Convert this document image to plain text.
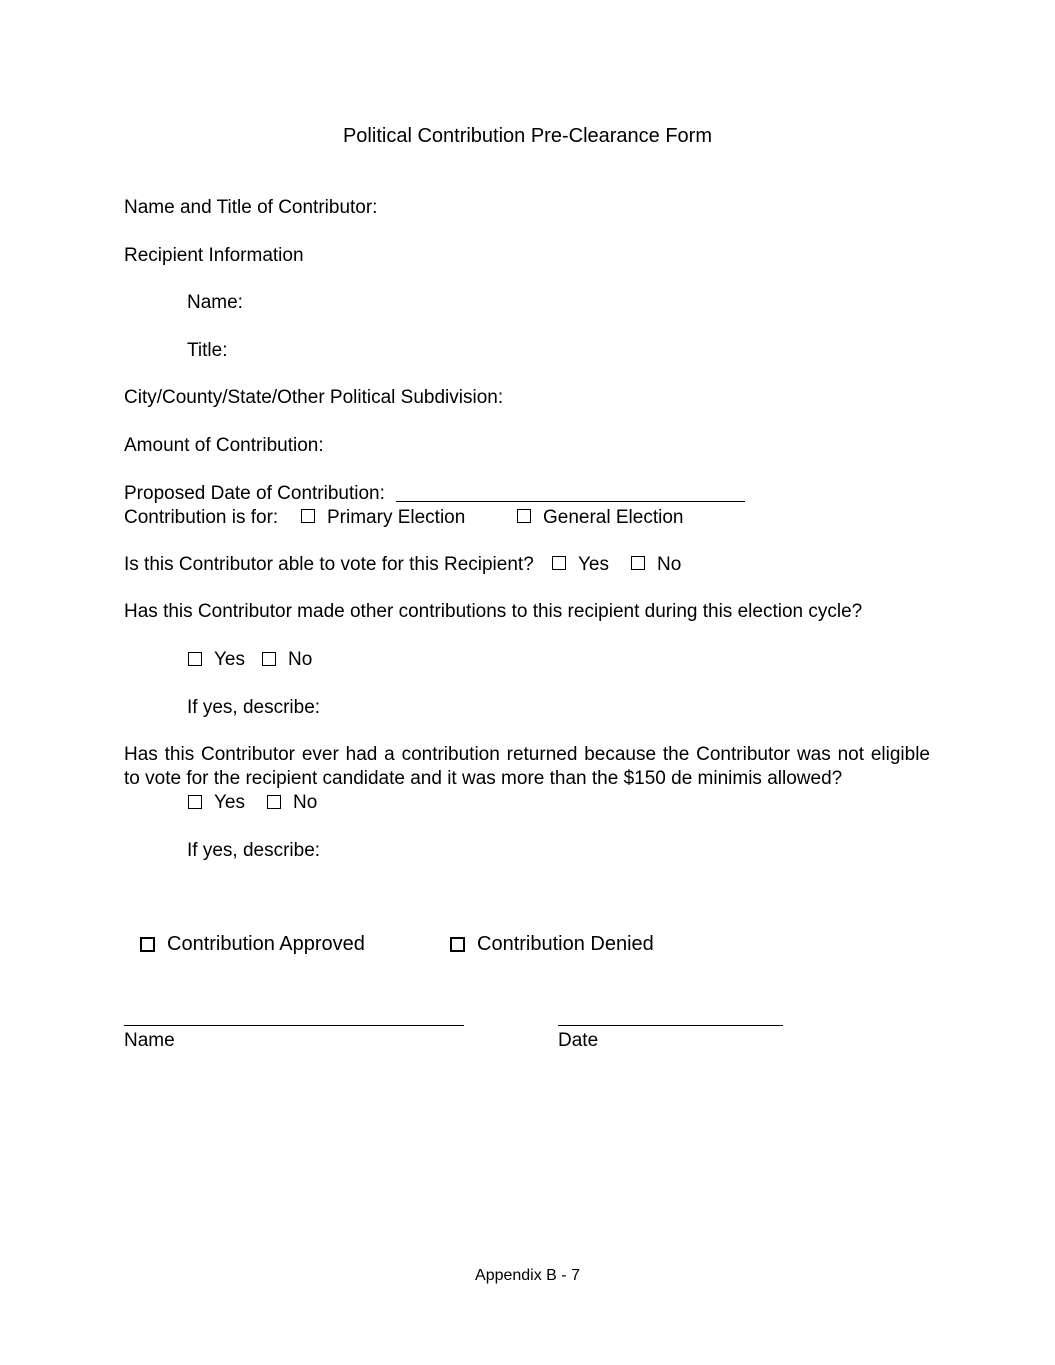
Political Contribution Pre-Clearance Form
Name and Title of Contributor:
Recipient Information
Name:
Title:
City/County/State/Other Political Subdivision:
Amount of Contribution:
Proposed Date of Contribution:
Contribution is for:	Primary Election	General Election
Is this Contributor able to vote for this Recipient? Yes	No
Has this Contributor made other contributions to this recipient during this election cycle?
Yes No
If yes, describe:
Has this Contributor ever had a contribution returned because the Contributor was not eligible to vote for the recipient candidate and it was more than the $150 de minimis allowed?
Yes	No
If yes, describe:
Contribution Approved	Contribution Denied
Name	Date
Appendix B - 7
